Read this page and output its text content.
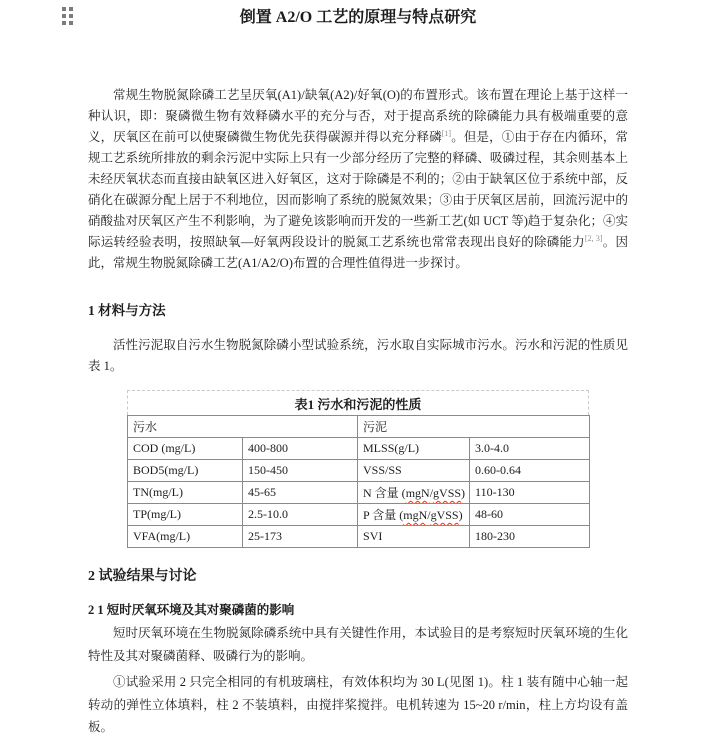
倒置 A2/O 工艺的原理与特点研究

常规生物脱氮除磷工艺呈厌氧(A1)/缺氧(A2)/好氧(O)的布置形式。该布置在理论上基于这样一种认识，即：聚磷微生物有效释磷水平的充分与否，对于提高系统的除磷能力具有极端重要的意义，厌氧区在前可以使聚磷微生物优先获得碳源并得以充分释磷[1]。但是，①由于存在内循环，常规工艺系统所排放的剩余污泥中实际上只有一少部分经历了完整的释磷、吸磷过程，其余则基本上未经厌氧状态而直接由缺氧区进入好氧区，这对于除磷是不利的；②由于缺氧区位于系统中部，反硝化在碳源分配上居于不利地位，因而影响了系统的脱氮效果；③由于厌氧区居前，回流污泥中的硝酸盐对厌氧区产生不利影响，为了避免该影响而开发的一些新工艺(如 UCT 等)趋于复杂化；④实际运转经验表明，按照缺氧—好氧两段设计的脱氮工艺系统也常常表现出良好的除磷能力[2, 3]。因此，常规生物脱氮除磷工艺(A1/A2/O)布置的合理性值得进一步探讨。

1 材料与方法

活性污泥取自污水生物脱氮除磷小型试验系统，污水取自实际城市污水。污水和污泥的性质见表 1。

表1 污水和污泥的性质
污水		污泥	
COD (mg/L)	400-800	MLSS(g/L)	3.0-4.0
BOD5(mg/L)	150-450	VSS/SS	0.60-0.64
TN(mg/L)	45-65	N 含量 (mgN/gVSS)	110-130
TP(mg/L)	2.5-10.0	P 含量 (mgN/gVSS)	48-60
VFA(mg/L)	25-173	SVI	180-230
2 试验结果与讨论
2 1 短时厌氧环境及其对聚磷菌的影响

短时厌氧环境在生物脱氮除磷系统中具有关键性作用，本试验目的是考察短时厌氧环境的生化特性及其对聚磷菌释、吸磷行为的影响。

①试验采用 2 只完全相同的有机玻璃柱，有效体积均为 30 L(见图 1)。柱 1 装有随中心轴一起转动的弹性立体填料，柱 2 不装填料，由搅拌桨搅拌。电机转速为 15~20 r/min，柱上方均设有盖板。
